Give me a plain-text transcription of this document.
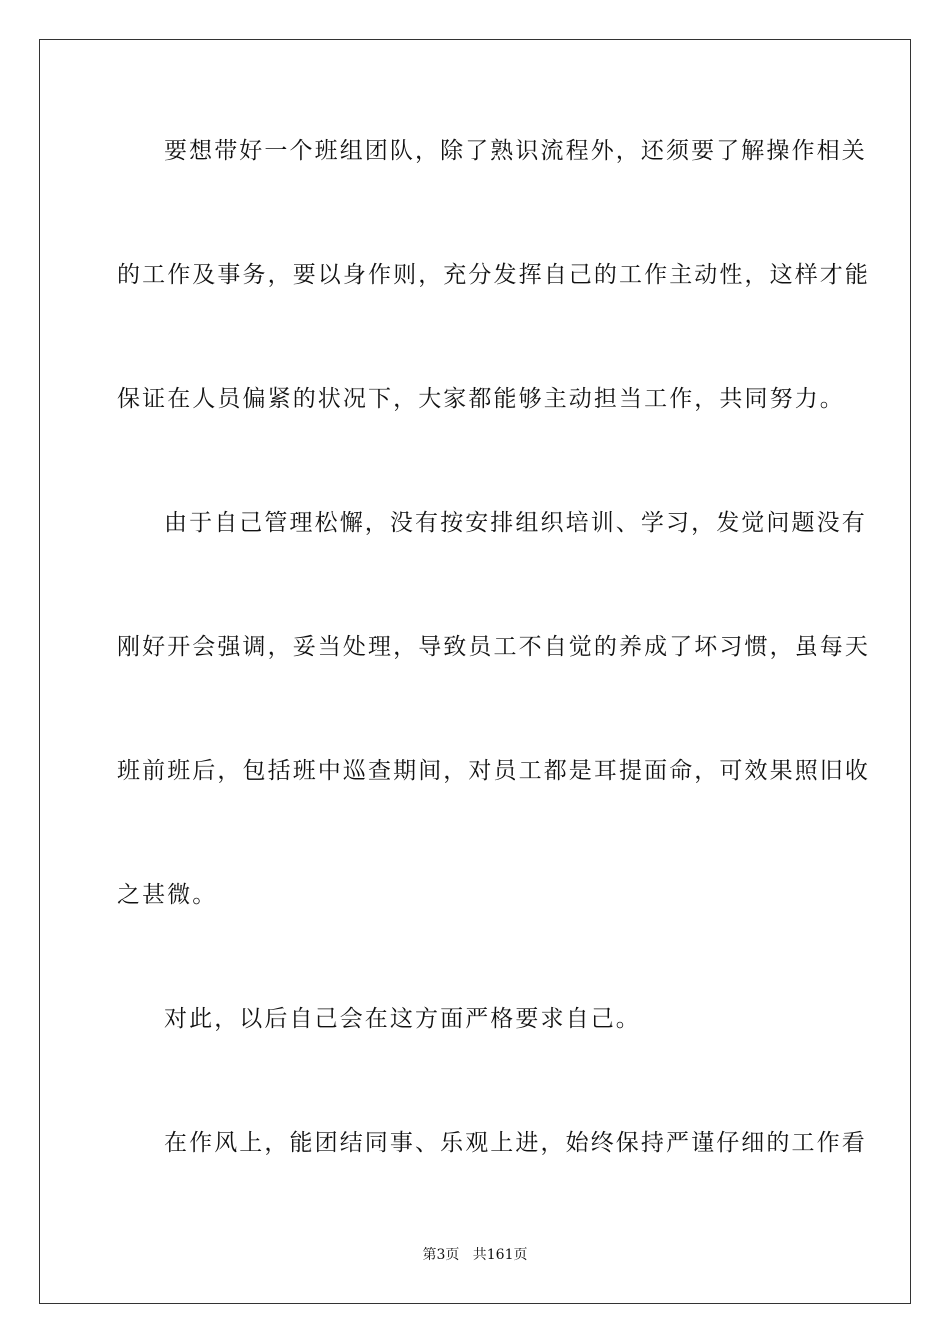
要想带好一个班组团队，除了熟识流程外，还须要了解操作相关
的工作及事务，要以身作则，充分发挥自己的工作主动性，这样才能
保证在人员偏紧的状况下，大家都能够主动担当工作，共同努力。
由于自己管理松懈，没有按安排组织培训、学习，发觉问题没有
刚好开会强调，妥当处理，导致员工不自觉的养成了坏习惯，虽每天
班前班后，包括班中巡查期间，对员工都是耳提面命，可效果照旧收
之甚微。
对此，以后自己会在这方面严格要求自己。
在作风上，能团结同事、乐观上进，始终保持严谨仔细的工作看
第3页 共161页
